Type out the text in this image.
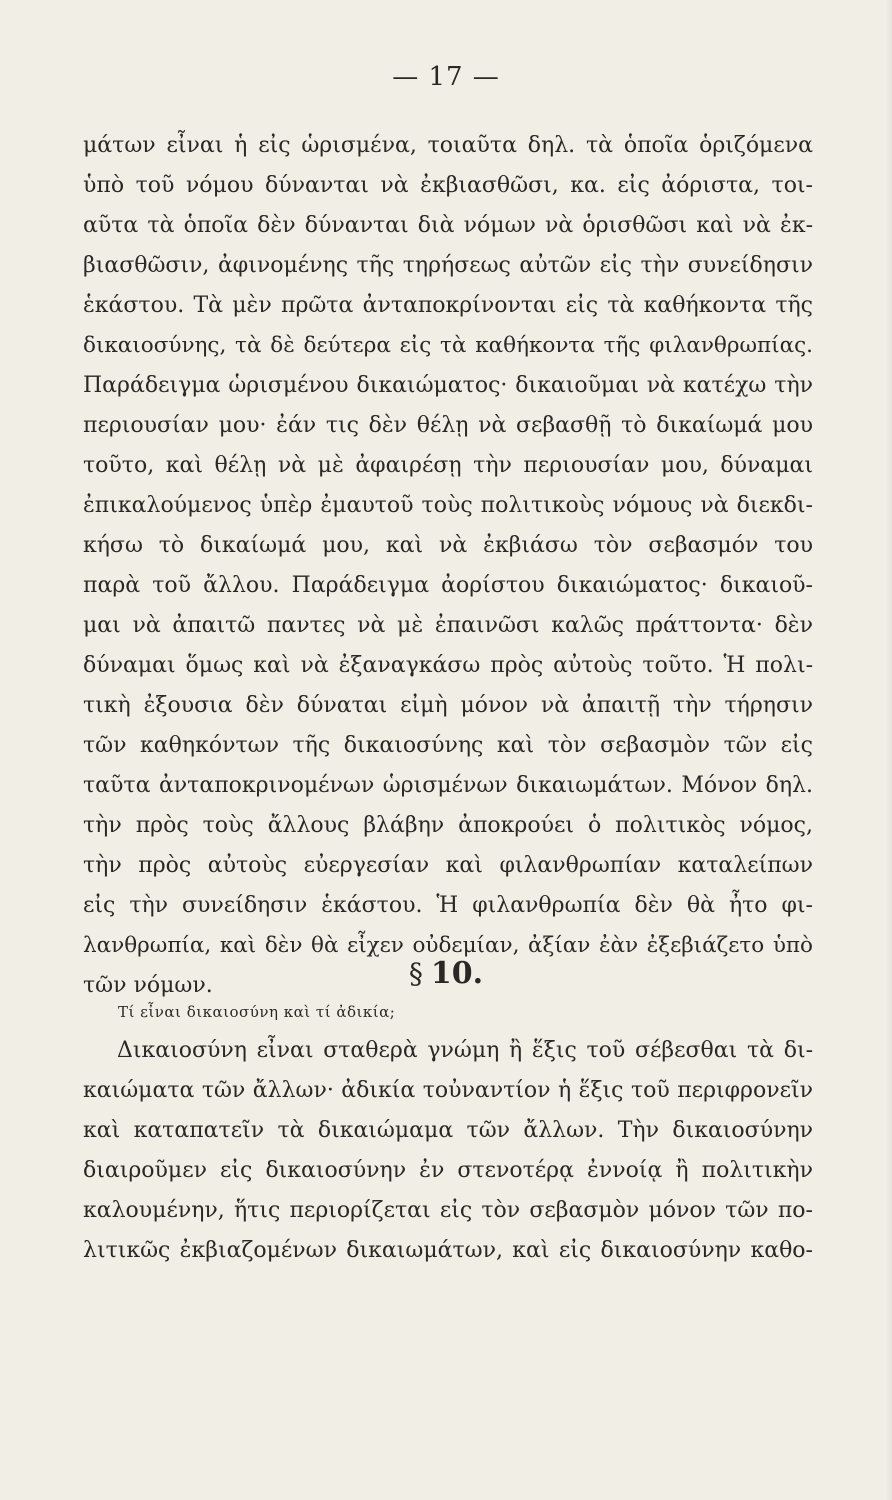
— 17 —
μάτων εἶναι ἡ εἰς ὡρισμένα, τοιαῦτα δηλ. τὰ ὁποῖα ὁριζόμενα
ὑπὸ τοῦ νόμου δύνανται νὰ ἐκβιασθῶσι, κα. εἰς ἀόριστα, τοι-
αῦτα τὰ ὁποῖα δὲν δύνανται διὰ νόμων νὰ ὁρισθῶσι καὶ νὰ ἐκ-
βιασθῶσιν, ἀφινομένης τῆς τηρήσεως αὐτῶν εἰς τὴν συνείδησιν
ἑκάστου. Τὰ μὲν πρῶτα ἀνταποκρίνονται εἰς τὰ καθήκοντα τῆς
δικαιοσύνης, τὰ δὲ δεύτερα εἰς τὰ καθήκοντα τῆς φιλανθρωπίας.
Παράδειγμα ὡρισμένου δικαιώματος· δικαιοῦμαι νὰ κατέχω τὴν
περιουσίαν μου· ἐάν τις δὲν θέλῃ νὰ σεβασθῇ τὸ δικαίωμά μου
τοῦτο, καὶ θέλῃ νὰ μὲ ἀφαιρέσῃ τὴν περιουσίαν μου, δύναμαι
ἐπικαλούμενος ὑπὲρ ἐμαυτοῦ τοὺς πολιτικοὺς νόμους νὰ διεκδι-
κήσω τὸ δικαίωμά μου, καὶ νὰ ἐκβιάσω τὸν σεβασμόν του
παρὰ τοῦ ἄλλου. Παράδειγμα ἀορίστου δικαιώματος· δικαιοῦ-
μαι νὰ ἀπαιτῶ παντες νὰ μὲ ἐπαινῶσι καλῶς πράττοντα· δὲν
δύναμαι ὅμως καὶ νὰ ἐξαναγκάσω πρὸς αὐτοὺς τοῦτο. Ἡ πολι-
τικὴ ἐξουσια δὲν δύναται εἰμὴ μόνον νὰ ἀπαιτῇ τὴν τήρησιν
τῶν καθηκόντων τῆς δικαιοσύνης καὶ τὸν σεβασμὸν τῶν εἰς
ταῦτα ἀνταποκρινομένων ὡρισμένων δικαιωμάτων. Μόνον δηλ.
τὴν πρὸς τοὺς ἄλλους βλάβην ἀποκρούει ὁ πολιτικὸς νόμος,
τὴν πρὸς αὐτοὺς εὐεργεσίαν καὶ φιλανθρωπίαν καταλείπων
εἰς τὴν συνείδησιν ἑκάστου. Ἡ φιλανθρωπία δὲν θὰ ἦτο φι-
λανθρωπία, καὶ δὲν θὰ εἶχεν οὐδεμίαν, ἀξίαν ἐὰν ἐξεβιάζετο ὑπὸ
τῶν νόμων.	§ 10.
Τί εἶναι δικαιοσύνη καὶ τί ἀδικία;
Δικαιοσύνη εἶναι σταθερὰ γνώμη ἢ ἕξις τοῦ σέβεσθαι τὰ δι-
καιώματα τῶν ἄλλων· ἀδικία τοὐναντίον ἡ ἕξις τοῦ περιφρονεῖν
καὶ καταπατεῖν τὰ δικαιώμαμα τῶν ἄλλων. Τὴν δικαιοσύνην
διαιροῦμεν εἰς δικαιοσύνην ἐν στενοτέρᾳ ἐννοίᾳ ἢ πολιτικὴν
καλουμένην, ἥτις περιορίζεται εἰς τὸν σεβασμὸν μόνον τῶν πο-
λιτικῶς ἐκβιαζομένων δικαιωμάτων, καὶ εἰς δικαιοσύνην καθο-
